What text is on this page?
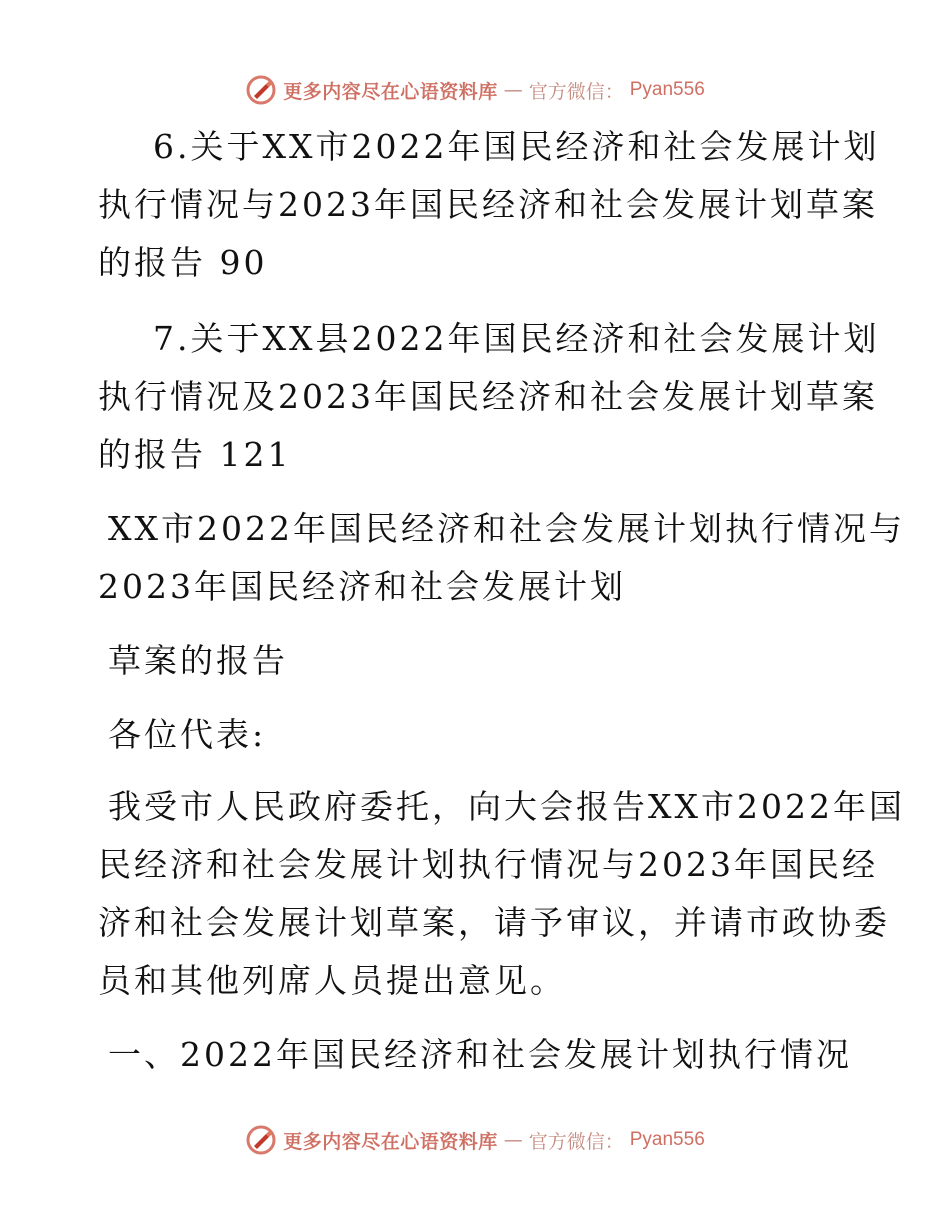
更多内容尽在心语资料库 — 官方微信： Pyan556

6.关于XX市2022年国民经济和社会发展计划
执行情况与2023年国民经济和社会发展计划草案
的报告 90

7.关于XX县2022年国民经济和社会发展计划
执行情况及2023年国民经济和社会发展计划草案
的报告 121

XX市2022年国民经济和社会发展计划执行情况与
2023年国民经济和社会发展计划

草案的报告

各位代表:

我受市人民政府委托，向大会报告XX市2022年国
民经济和社会发展计划执行情况与2023年国民经
济和社会发展计划草案，请予审议，并请市政协委
员和其他列席人员提出意见。

一、2022年国民经济和社会发展计划执行情况

更多内容尽在心语资料库 — 官方微信： Pyan556
